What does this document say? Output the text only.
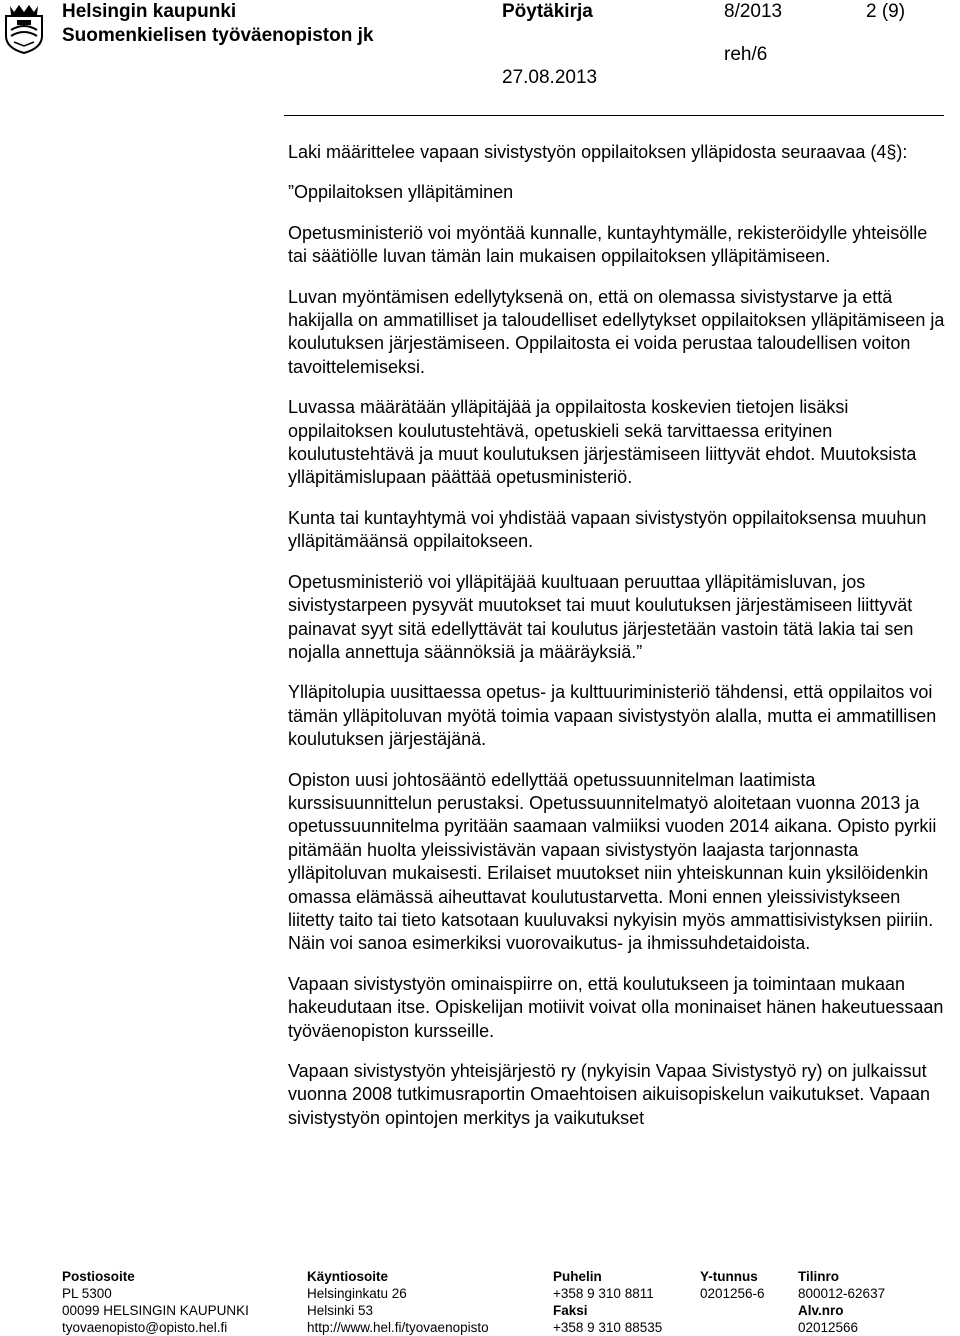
Helsingin kaupunki
Suomenkielisen työväenopiston jk
Pöytäkirja	8/2013	2 (9)
reh/6
27.08.2013

Laki määrittelee vapaan sivistystyön oppilaitoksen ylläpidosta seuraavaa (4§):

”Oppilaitoksen ylläpitäminen

Opetusministeriö voi myöntää kunnalle, kuntayhtymälle, rekisteröidylle yhteisölle tai säätiölle luvan tämän lain mukaisen oppilaitoksen ylläpitämiseen.

Luvan myöntämisen edellytyksenä on, että on olemassa sivistystarve ja että hakijalla on ammatilliset ja taloudelliset edellytykset oppilaitoksen ylläpitämiseen ja koulutuksen järjestämiseen. Oppilaitosta ei voida perustaa taloudellisen voiton tavoittelemiseksi.

Luvassa määrätään ylläpitäjää ja oppilaitosta koskevien tietojen lisäksi oppilaitoksen koulutustehtävä, opetuskieli sekä tarvittaessa erityinen koulutustehtävä ja muut koulutuksen järjestämiseen liittyvät ehdot. Muutoksista ylläpitämislupaan päättää opetusministeriö.

Kunta tai kuntayhtymä voi yhdistää vapaan sivistystyön oppilaitoksensa muuhun ylläpitämäänsä oppilaitokseen.

Opetusministeriö voi ylläpitäjää kuultuaan peruuttaa ylläpitämisluvan, jos sivistystarpeen pysyvät muutokset tai muut koulutuksen järjestämiseen liittyvät painavat syyt sitä edellyttävät tai koulutus järjestetään vastoin tätä lakia tai sen nojalla annettuja säännöksiä ja määräyksiä.”

Ylläpitolupia uusittaessa opetus- ja kulttuuriministeriö tähdensi, että oppilaitos voi tämän ylläpitoluvan myötä toimia vapaan sivistystyön alalla, mutta ei ammatillisen koulutuksen järjestäjänä.

Opiston uusi johtosääntö edellyttää opetussuunnitelman laatimista kurssisuunnittelun perustaksi. Opetussuunnitelmatyö aloitetaan vuonna 2013 ja opetussuunnitelma pyritään saamaan valmiiksi vuoden 2014 aikana. Opisto pyrkii pitämään huolta yleissivistävän vapaan sivistystyön laajasta tarjonnasta ylläpitoluvan mukaisesti. Erilaiset muutokset niin yhteiskunnan kuin yksilöidenkin omassa elämässä aiheuttavat koulutustarvetta. Moni ennen yleissivistykseen liitetty taito tai tieto katsotaan kuuluvaksi nykyisin myös ammattisivistyksen piiriin. Näin voi sanoa esimerkiksi vuorovaikutus- ja ihmissuhdetaidoista.

Vapaan sivistystyön ominaispiirre on, että koulutukseen ja toimintaan mukaan hakeudutaan itse. Opiskelijan motiivit voivat olla moninaiset hänen hakeutuessaan työväenopiston kursseille.

Vapaan sivistystyön yhteisjärjestö ry (nykyisin Vapaa Sivistystyö ry) on julkaissut vuonna 2008 tutkimusraportin Omaehtoisen aikuisopiskelun vaikutukset. Vapaan sivistystyön opintojen merkitys ja vaikutukset

Postiosoite
PL 5300
00099 HELSINGIN KAUPUNKI
tyovaenopisto@opisto.hel.fi
Käyntiosoite
Helsinginkatu 26
Helsinki 53
http://www.hel.fi/tyovaenopisto
Puhelin
+358 9 310 8811
Faksi
+358 9 310 88535
Y-tunnus
0201256-6
Tilinro
800012-62637
Alv.nro
02012566
